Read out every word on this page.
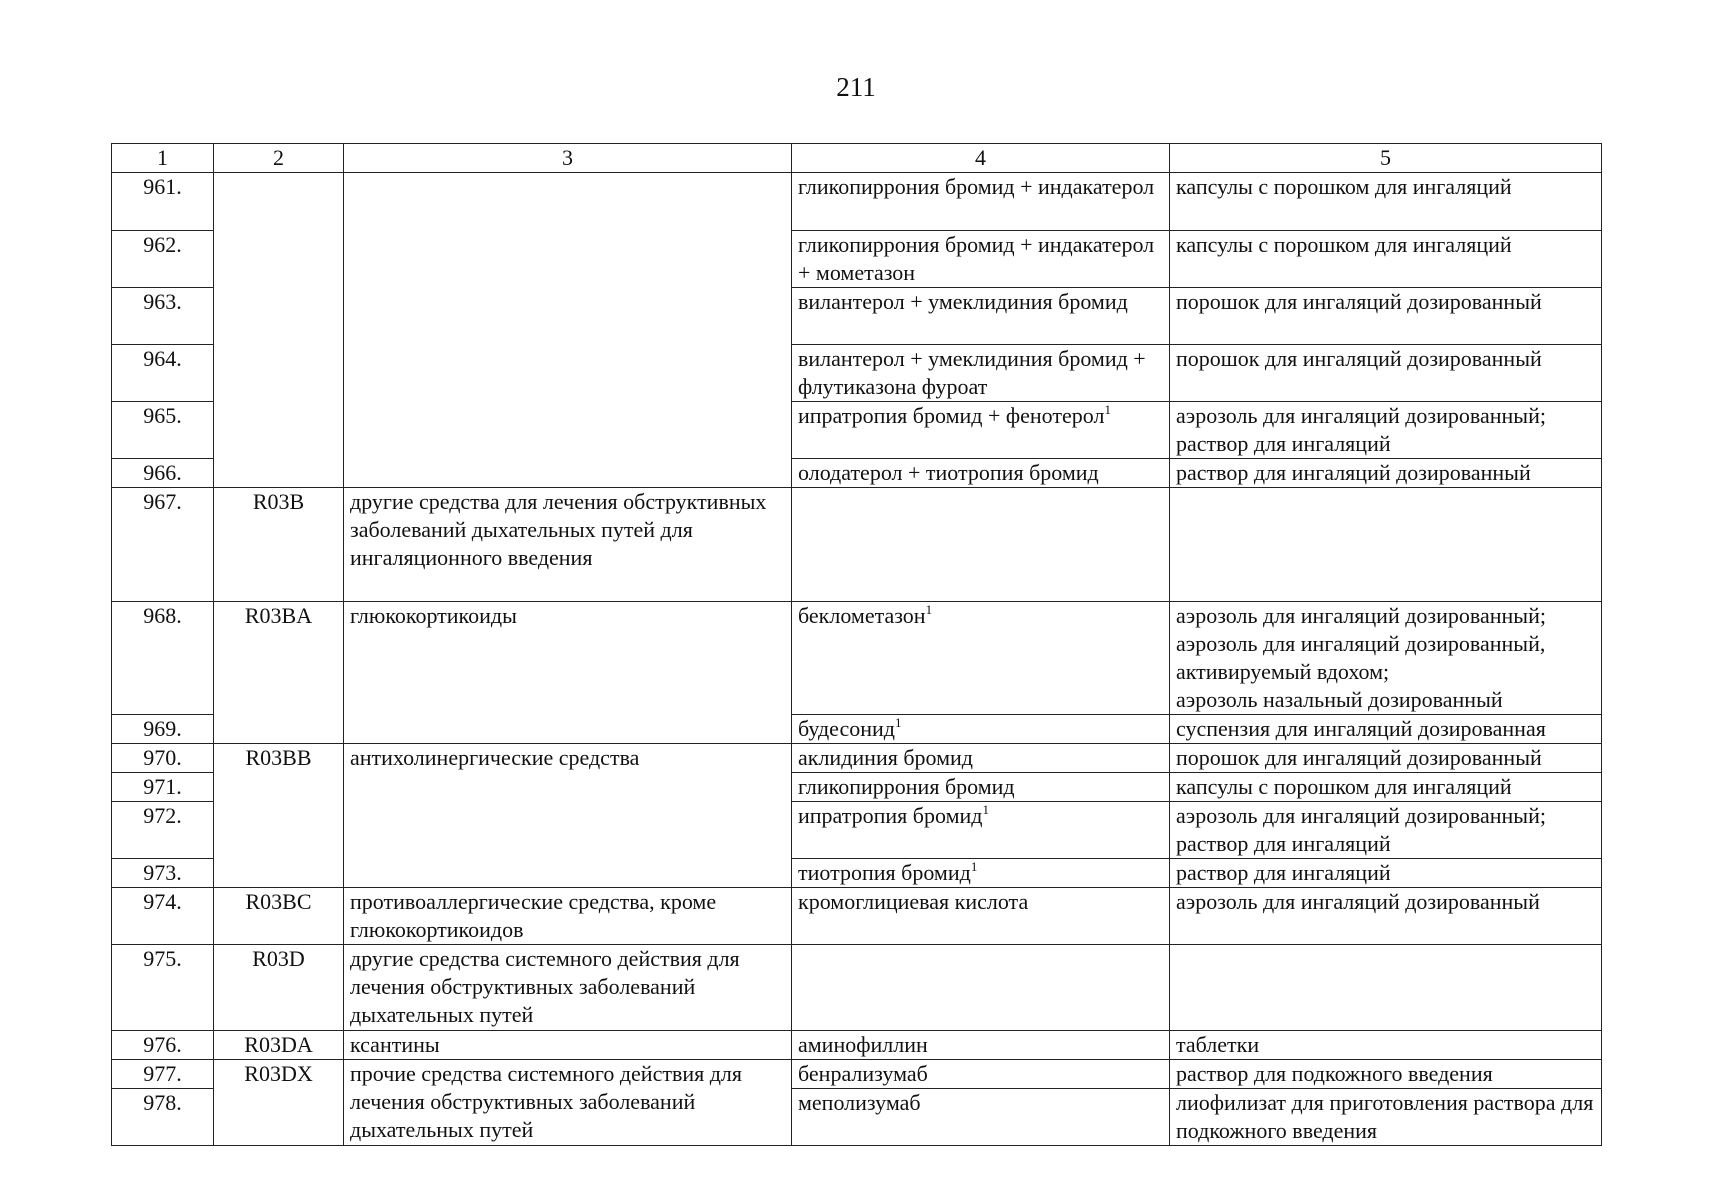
211
1	2	3	4	5
961.			гликопиррония бромид + индакатерол	капсулы с порошком для ингаляций
962.			гликопиррония бромид + индакатерол + мометазон	капсулы с порошком для ингаляций
963.			вилантерол + умеклидиния бромид	порошок для ингаляций дозированный
964.			вилантерол + умеклидиния бромид + флутиказона фуроат	порошок для ингаляций дозированный
965.			ипратропия бромид + фенотерол$^1$	аэрозоль для ингаляций дозированный;
раствор для ингаляций
966.			олодатерол + тиотропия бромид	раствор для ингаляций дозированный
967.	R03B	другие средства для лечения обструктивных заболеваний дыхательных путей для ингаляционного введения		
968.	R03BA	глюкокортикоиды	беклометазон$^1$	аэрозоль для ингаляций дозированный;
аэрозоль для ингаляций дозированный, активируемый вдохом;
аэрозоль назальный дозированный
969.			будесонид$^1$	суспензия для ингаляций дозированная
970.	R03BB	антихолинергические средства	аклидиния бромид	порошок для ингаляций дозированный
971.			гликопиррония бромид	капсулы с порошком для ингаляций
972.			ипратропия бромид$^1$	аэрозоль для ингаляций дозированный;
раствор для ингаляций
973.			тиотропия бромид$^1$	раствор для ингаляций
974.	R03BC	противоаллергические средства, кроме глюкокортикоидов	кромоглициевая кислота	аэрозоль для ингаляций дозированный
975.	R03D	другие средства системного действия для лечения обструктивных заболеваний дыхательных путей		
976.	R03DA	ксантины	аминофиллин	таблетки
977.	R03DX	прочие средства системного действия для лечения обструктивных заболеваний дыхательных путей	бенрализумаб	раствор для подкожного введения
978.			меполизумаб	лиофилизат для приготовления раствора для подкожного введения
